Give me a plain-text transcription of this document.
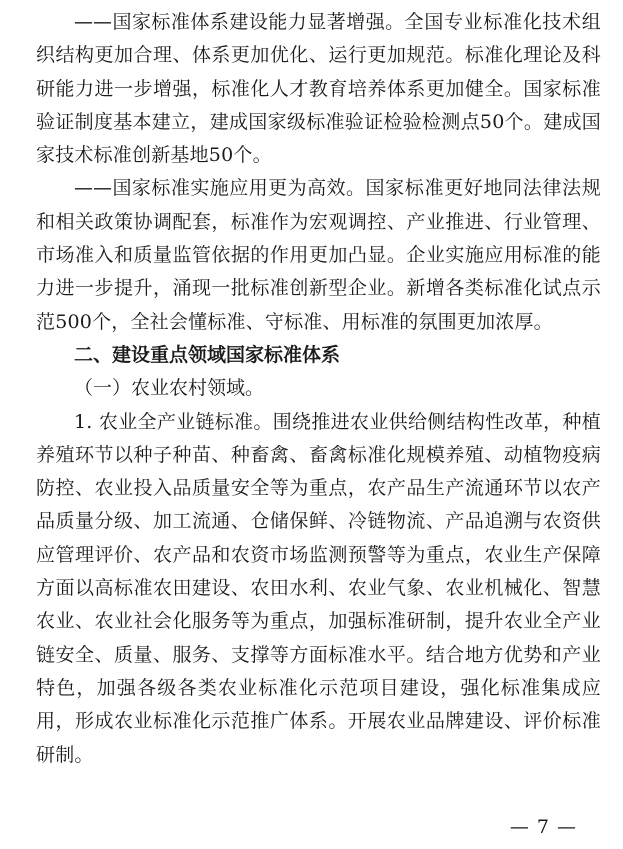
——国家标准体系建设能力显著增强。全国专业标准化技术组织结构更加合理、体系更加优化、运行更加规范。标准化理论及科研能力进一步增强，标准化人才教育培养体系更加健全。国家标准验证制度基本建立，建成国家级标准验证检验检测点50个。建成国家技术标准创新基地50个。

——国家标准实施应用更为高效。国家标准更好地同法律法规和相关政策协调配套，标准作为宏观调控、产业推进、行业管理、市场准入和质量监管依据的作用更加凸显。企业实施应用标准的能力进一步提升，涌现一批标准创新型企业。新增各类标准化试点示范500个，全社会懂标准、守标准、用标准的氛围更加浓厚。

二、建设重点领域国家标准体系

（一）农业农村领域。

1. 农业全产业链标准。围绕推进农业供给侧结构性改革，种植养殖环节以种子种苗、种畜禽、畜禽标准化规模养殖、动植物疫病防控、农业投入品质量安全等为重点，农产品生产流通环节以农产品质量分级、加工流通、仓储保鲜、冷链物流、产品追溯与农资供应管理评价、农产品和农资市场监测预警等为重点，农业生产保障方面以高标准农田建设、农田水利、农业气象、农业机械化、智慧农业、农业社会化服务等为重点，加强标准研制，提升农业全产业链安全、质量、服务、支撑等方面标准水平。结合地方优势和产业特色，加强各级各类农业标准化示范项目建设，强化标准集成应用，形成农业标准化示范推广体系。开展农业品牌建设、评价标准研制。

— 7 —
